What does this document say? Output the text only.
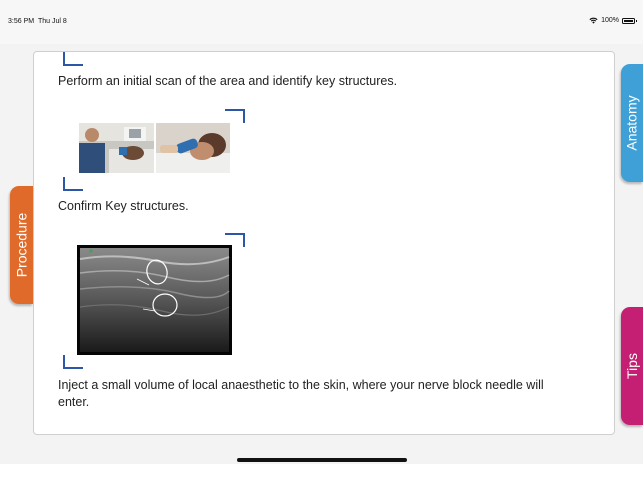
3:56 PM Thu Jul 8	100%
Perform an initial scan of the area and identify key structures.
Confirm Key structures.
Inject a small volume of local anaesthetic to the skin, where your nerve block needle will
enter.
Procedure
Anatomy
Tips
